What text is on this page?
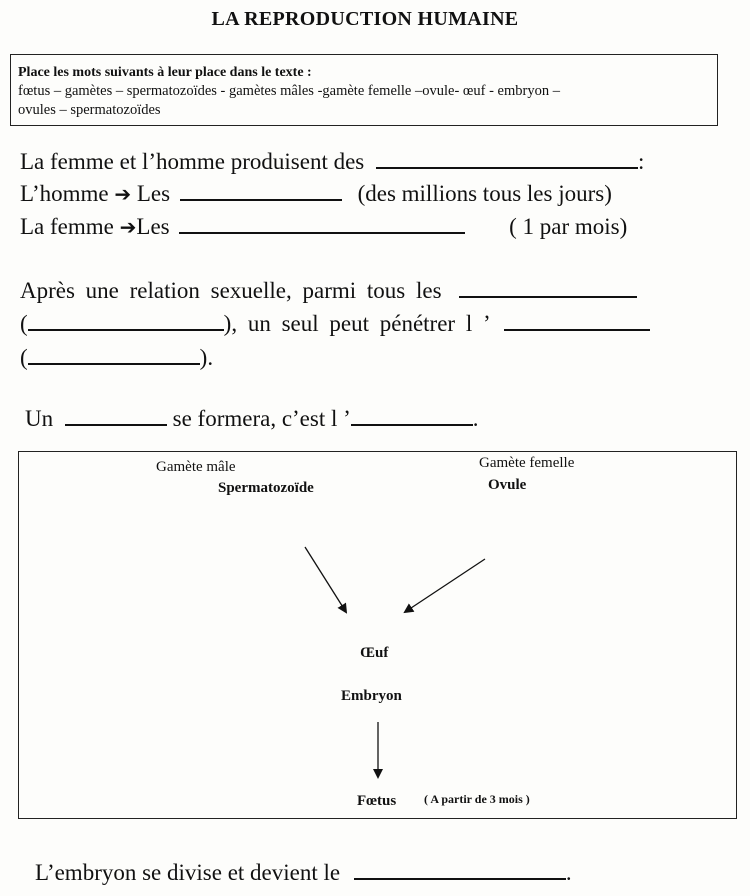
LA REPRODUCTION HUMAINE
Place les mots suivants à leur place dans le texte :
fœtus – gamètes – spermatozoïdes - gamètes mâles -gamète femelle –ovule- œuf - embryon –
ovules – spermatozoïdes
La femme et l’homme produisent des	:
L’homme ➔ Les	(des millions tous les jours)
La femme ➔Les	( 1 par mois)
Après une relation sexuelle, parmi tous les
(	), un seul peut pénétrer l ’
(	).
Un	se formera, c’est l ’	.
Gamète mâle
Spermatozoïde
Gamète femelle
Ovule
Œuf
Embryon
Fœtus ( A partir de 3 mois )
L’embryon se divise et devient le	.
